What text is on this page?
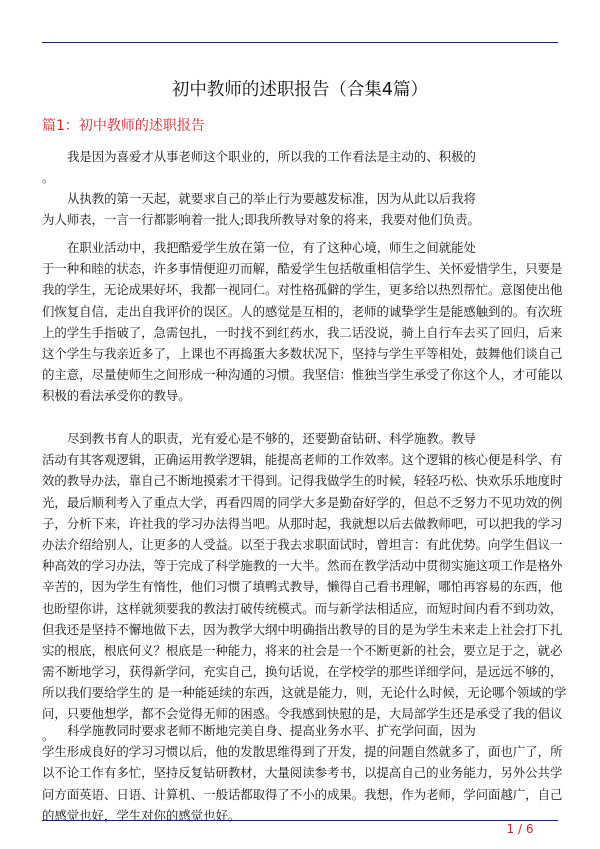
初中教师的述职报告（合集4篇）
篇1：初中教师的述职报告
我是因为喜爱才从事老师这个职业的，所以我的工作看法是主动的、积极的
。
从执教的第一天起，就要求自己的举止行为要越发标准，因为从此以后我将
为人师表，一言一行都影响着一批人;即我所教导对象的将来，我要对他们负责。
在职业活动中，我把酷爱学生放在第一位，有了这种心境，师生之间就能处
于一种和睦的状态，许多事情便迎刃而解，酷爱学生包括敬重相信学生、关怀爱惜学生，只要是
我的学生，无论成果好坏，我都一视同仁。对性格孤僻的学生，更多给以热烈帮忙。意图使出他
们恢复自信，走出自我评价的误区。人的感觉是互相的，老师的诚挚学生是能感触到的。有次班
上的学生手指破了，急需包扎，一时找不到红药水，我二话没说，骑上自行车去买了回归，后来
这个学生与我亲近多了，上课也不再捣蛋大多数状况下，坚持与学生平等相处，鼓舞他们谈自己
的主意，尽量使师生之间形成一种沟通的习惯。我坚信：惟独当学生承受了你这个人，才可能以
积极的看法承受你的教导。
尽到教书育人的职责，光有爱心是不够的，还要勤奋钻研、科学施教。教导
活动有其客观逻辑，正确运用教学逻辑，能提高老师的工作效率。这个逻辑的核心便是科学、有
效的教导办法，靠自己不断地摸索才干得到。记得我做学生的时候，轻轻巧松、快欢乐乐地度时
光，最后顺利考入了重点大学，再看四周的同学大多是勤奋好学的，但总不乏努力不见功效的例
子，分析下来，许社我的学习办法得当吧。从那时起，我就想以后去做教师吧，可以把我的学习
办法介绍给别人，让更多的人受益。以至于我去求职面试时，曾坦言：有此优势。向学生倡议一
种高效的学习办法，等于完成了科学施教的一大半。然而在教学活动中贯彻实施这项工作是格外
辛苦的，因为学生有惰性，他们习惯了填鸭式教导，懒得自己看书理解，哪怕再容易的东西，他
也盼望你讲，这样就须要我的教法打破传统模式。而与新学法相适应，而短时间内看不到功效，
但我还是坚持不懈地做下去，因为教学大纲中明确指出教导的目的是为学生未来走上社会打下扎
实的根底，根底何义？根底是一种能力，将来的社会是一个不断更新的社会，要立足于之，就必
需不断地学习，获得新学问，充实自己，换句话说，在学校学的那些详细学问，是远远不够的，
所以我们要给学生的 是一种能延续的东西，这就是能力，则，无论什么时候，无论哪个领域的学
问，只要他想学，都不会觉得无师的困惑。令我感到快慰的是，大局部学生还是承受了我的倡议
。	科学施教同时要求老师不断地完美自身、提高业务水平、扩充学问面，因为
学生形成良好的学习习惯以后，他的发散思维得到了开发，提的问题自然就多了，面也广了，所
以不论工作有多忙，坚持反复钻研教材，大量阅读参考书，以提高自己的业务能力，另外公共学
问方面英语、日语、计算机、一般话都取得了不小的成果。我想，作为老师，学问面越广，自己
的感觉也好，学生对你的感觉也好。
1 / 6
